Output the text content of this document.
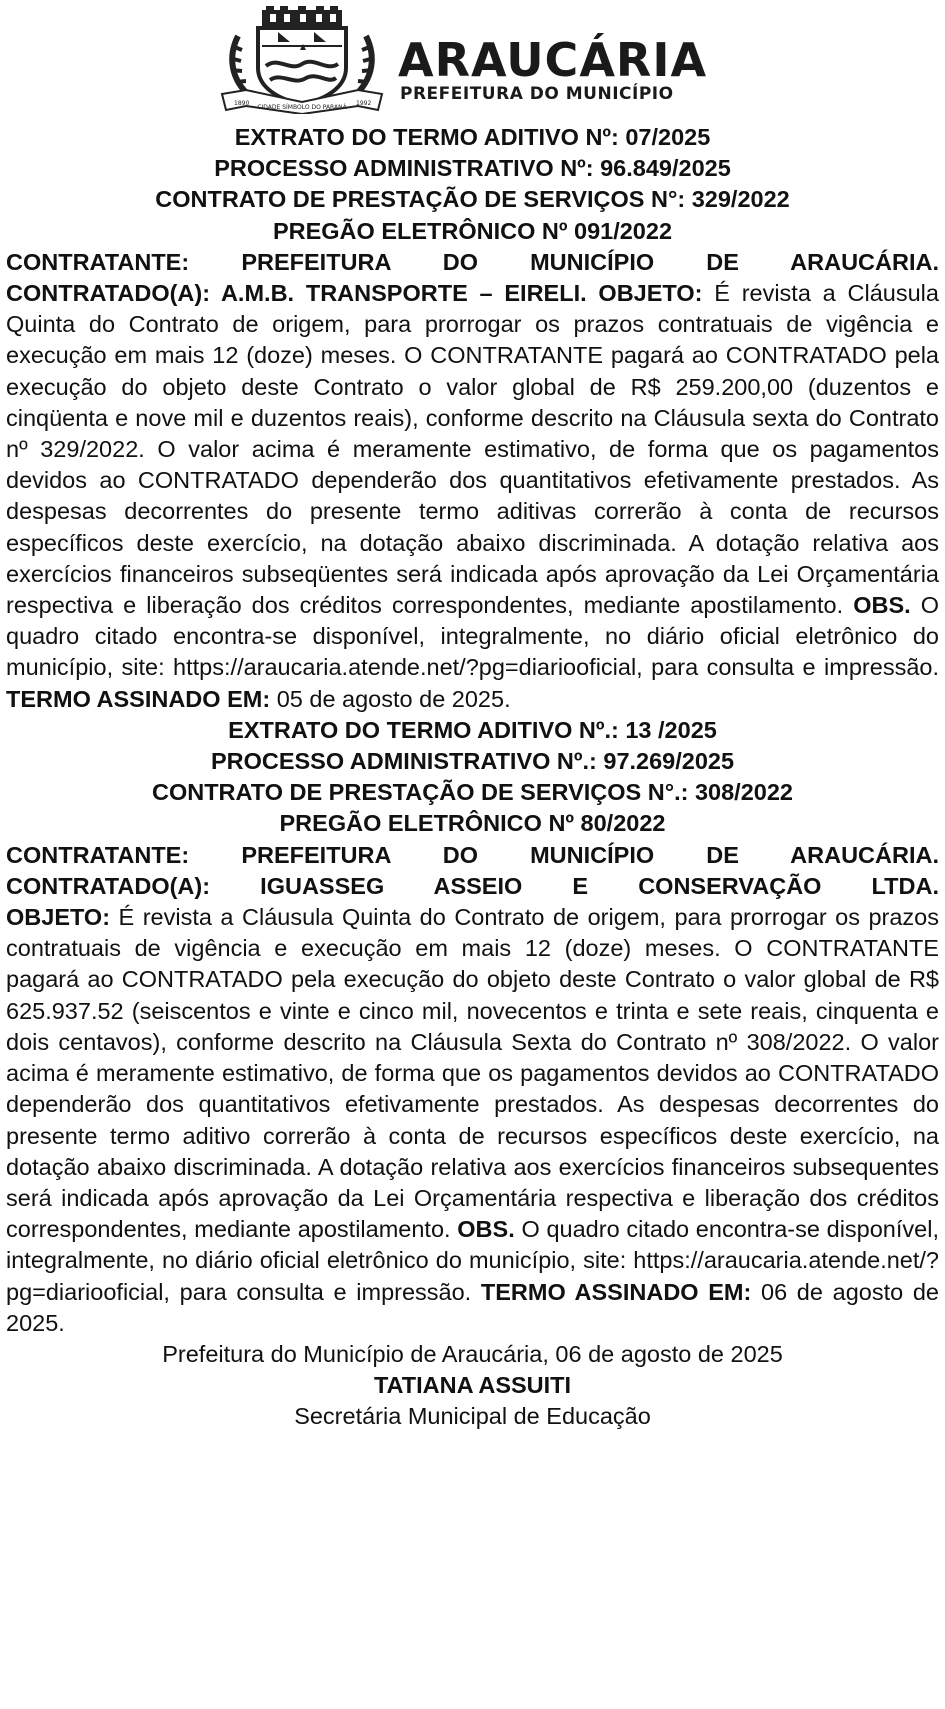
1890
CIDADE SÍMBOLO DO PARANÁ
1992
ARAUCÁRIA
PREFEITURA DO MUNICÍPIO
EXTRATO DO TERMO ADITIVO Nº: 07/2025
PROCESSO ADMINISTRATIVO Nº: 96.849/2025
CONTRATO DE PRESTAÇÃO DE SERVIÇOS N°: 329/2022
PREGÃO ELETRÔNICO Nº 091/2022
CONTRATANTE: PREFEITURA DO MUNICÍPIO DE ARAUCÁRIA.
CONTRATADO(A): A.M.B. TRANSPORTE – EIRELI. OBJETO: É revista a Cláusula Quinta do Contrato de origem, para prorrogar os prazos contratuais de vigência e execução em mais 12 (doze) meses. O CONTRATANTE pagará ao CONTRATADO pela execução do objeto deste Contrato o valor global de R$ 259.200,00 (duzentos e cinqüenta e nove mil e duzentos reais), conforme descrito na Cláusula sexta do Contrato nº 329/2022. O valor acima é meramente estimativo, de forma que os pagamentos devidos ao CONTRATADO dependerão dos quantitativos efetivamente prestados. As despesas decorrentes do presente termo aditivas correrão à conta de recursos específicos deste exercício, na dotação abaixo discriminada. A dotação relativa aos exercícios financeiros subseqüentes será indicada após aprovação da Lei Orçamentária respectiva e liberação dos créditos correspondentes, mediante apostilamento. OBS. O quadro citado encontra-se disponível, integralmente, no diário oficial eletrônico do município, site: https://araucaria.atende.net/?pg=diariooficial, para consulta e impressão. TERMO ASSINADO EM: 05 de agosto de 2025.
EXTRATO DO TERMO ADITIVO Nº.: 13 /2025
PROCESSO ADMINISTRATIVO Nº.: 97.269/2025
CONTRATO DE PRESTAÇÃO DE SERVIÇOS N°.: 308/2022
PREGÃO ELETRÔNICO Nº 80/2022
CONTRATANTE: PREFEITURA DO MUNICÍPIO DE ARAUCÁRIA.
CONTRATADO(A): IGUASSEG ASSEIO E CONSERVAÇÃO LTDA.
OBJETO: É revista a Cláusula Quinta do Contrato de origem, para prorrogar os prazos contratuais de vigência e execução em mais 12 (doze) meses. O CONTRATANTE pagará ao CONTRATADO pela execução do objeto deste Contrato o valor global de R$ 625.937.52 (seiscentos e vinte e cinco mil, novecentos e trinta e sete reais, cinquenta e dois centavos), conforme descrito na Cláusula Sexta do Contrato nº 308/2022. O valor acima é meramente estimativo, de forma que os pagamentos devidos ao CONTRATADO dependerão dos quantitativos efetivamente prestados. As despesas decorrentes do presente termo aditivo correrão à conta de recursos específicos deste exercício, na dotação abaixo discriminada. A dotação relativa aos exercícios financeiros subsequentes será indicada após aprovação da Lei Orçamentária respectiva e liberação dos créditos correspondentes, mediante apostilamento. OBS. O quadro citado encontra-se disponível, integralmente, no diário oficial eletrônico do município, site: https://araucaria.atende.net/?pg=diariooficial, para consulta e impressão. TERMO ASSINADO EM: 06 de agosto de 2025.
Prefeitura do Município de Araucária, 06 de agosto de 2025
TATIANA ASSUITI
Secretária Municipal de Educação
